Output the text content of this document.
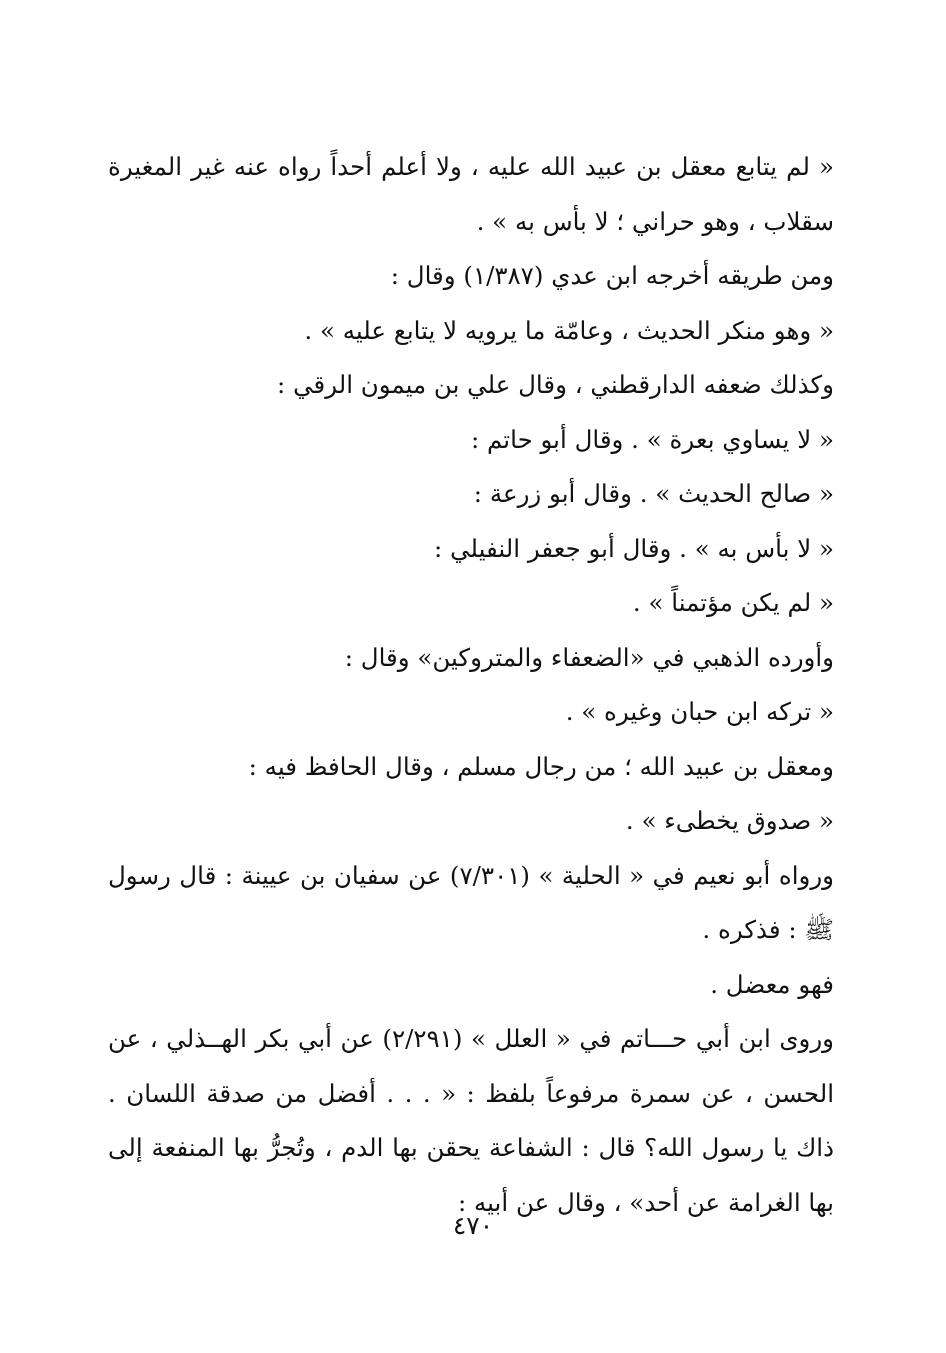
« لم يتابع معقل بن عبيد الله عليه ، ولا أعلم أحداً رواه عنه غير المغيرة
سقلاب ، وهو حراني ؛ لا بأس به » .
ومن طريقه أخرجه ابن عدي (١/٣٨٧) وقال :
« وهو منكر الحديث ، وعامّة ما يرويه لا يتابع عليه » .
وكذلك ضعفه الدارقطني ، وقال علي بن ميمون الرقي :
« لا يساوي بعرة » . وقال أبو حاتم :
« صالح الحديث » . وقال أبو زرعة :
« لا بأس به » . وقال أبو جعفر النفيلي :
« لم يكن مؤتمناً » .
وأورده الذهبي في «الضعفاء والمتروكين» وقال :
« تركه ابن حبان وغيره » .
ومعقل بن عبيد الله ؛ من رجال مسلم ، وقال الحافظ فيه :
« صدوق يخطىء » .
ورواه أبو نعيم في « الحلية » (٧/٣٠١) عن سفيان بن عيينة : قال رسول
ﷺ : فذكره .
فهو معضل .
وروى ابن أبي حـــاتم في « العلل » (٢/٢٩١) عن أبي بكر الهــذلي ، عن
الحسن ، عن سمرة مرفوعاً بلفظ : « . . . أفضل من صدقة اللسان .
ذاك يا رسول الله؟ قال : الشفاعة يحقن بها الدم ، وتُجرُّ بها المنفعة إلى
بها الغرامة عن أحد» ، وقال عن أبيه :
٤٧٠
